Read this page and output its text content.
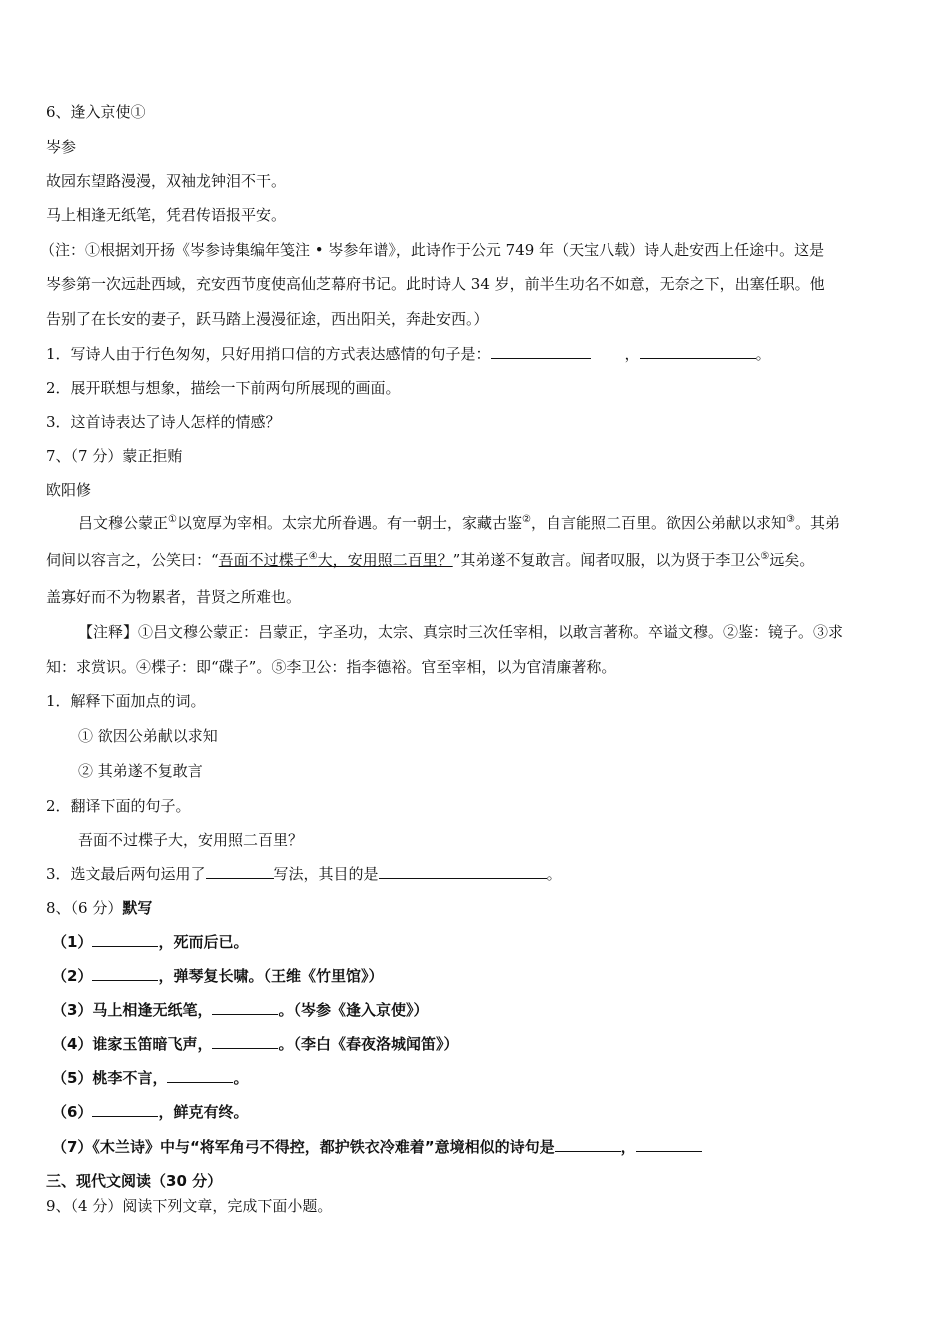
6、逢入京使①
岑参
故园东望路漫漫，双袖龙钟泪不干。
马上相逢无纸笔，凭君传语报平安。
（注：①根据刘开扬《岑参诗集编年笺注 • 岑参年谱》，此诗作于公元 749 年（天宝八载）诗人赴安西上任途中。这是
岑参第一次远赴西域，充安西节度使高仙芝幕府书记。此时诗人 34 岁，前半生功名不如意，无奈之下，出塞任职。他
告别了在长安的妻子，跃马踏上漫漫征途，西出阳关，奔赴安西。）
1．写诗人由于行色匆匆，只好用捎口信的方式表达感情的句子是：	，	。
2．展开联想与想象，描绘一下前两句所展现的画面。
3．这首诗表达了诗人怎样的情感？
7、（7 分）蒙正拒贿
欧阳修
吕文穆公蒙正①以宽厚为宰相。太宗尤所眷遇。有一朝士，家藏古鉴②，自言能照二百里。欲因公弟献以求知③。其弟
伺间以容言之，公笑曰：“吾面不过楪子④大，安用照二百里？”其弟遂不复敢言。闻者叹服，以为贤于李卫公⑤远矣。
盖寡好而不为物累者，昔贤之所难也。
【注释】①吕文穆公蒙正：吕蒙正，字圣功，太宗、真宗时三次任宰相，以敢言著称。卒谥文穆。②鉴：镜子。③求
知：求赏识。④楪子：即“碟子”。⑤李卫公：指李德裕。官至宰相，以为官清廉著称。
1．解释下面加点的词。
① 欲因公弟献以求知
② 其弟遂不复敢言
2．翻译下面的句子。
吾面不过楪子大，安用照二百里？
3．选文最后两句运用了	写法，其目的是	。
8、（6 分）默写
（1）	，死而后已。
（2）	，弹琴复长啸。（王维《竹里馆》）
（3）马上相逢无纸笔，	。（岑参《逢入京使》）
（4）谁家玉笛暗飞声，	。（李白《春夜洛城闻笛》）
（5）桃李不言，	。
（6）	，鲜克有终。
（7）《木兰诗》中与“将军角弓不得控，都护铁衣冷难着”意境相似的诗句是	，
三、现代文阅读（30 分）
9、（4 分）阅读下列文章，完成下面小题。
